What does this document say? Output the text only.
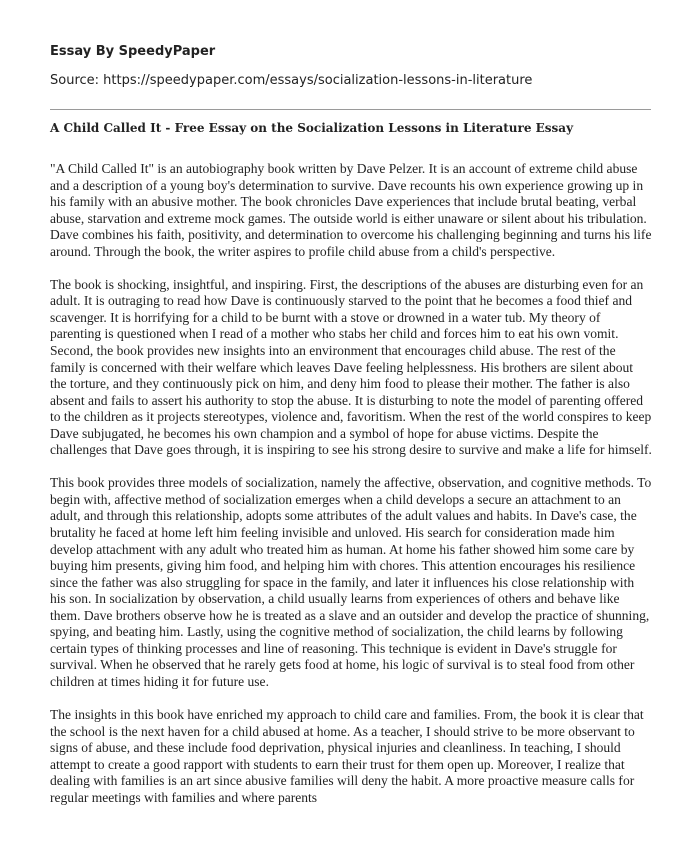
Essay By SpeedyPaper
Source: https://speedypaper.com/essays/socialization-lessons-in-literature
A Child Called It - Free Essay on the Socialization Lessons in Literature Essay

"A Child Called It" is an autobiography book written by Dave Pelzer. It is an account of extreme child abuse and a description of a young boy's determination to survive. Dave recounts his own experience growing up in his family with an abusive mother. The book chronicles Dave experiences that include brutal beating, verbal abuse, starvation and extreme mock games. The outside world is either unaware or silent about his tribulation. Dave combines his faith, positivity, and determination to overcome his challenging beginning and turns his life around. Through the book, the writer aspires to profile child abuse from a child's perspective.

The book is shocking, insightful, and inspiring. First, the descriptions of the abuses are disturbing even for an adult. It is outraging to read how Dave is continuously starved to the point that he becomes a food thief and scavenger. It is horrifying for a child to be burnt with a stove or drowned in a water tub. My theory of parenting is questioned when I read of a mother who stabs her child and forces him to eat his own vomit. Second, the book provides new insights into an environment that encourages child abuse. The rest of the family is concerned with their welfare which leaves Dave feeling helplessness. His brothers are silent about the torture, and they continuously pick on him, and deny him food to please their mother. The father is also absent and fails to assert his authority to stop the abuse. It is disturbing to note the model of parenting offered to the children as it projects stereotypes, violence and, favoritism. When the rest of the world conspires to keep Dave subjugated, he becomes his own champion and a symbol of hope for abuse victims. Despite the challenges that Dave goes through, it is inspiring to see his strong desire to survive and make a life for himself.

This book provides three models of socialization, namely the affective, observation, and cognitive methods. To begin with, affective method of socialization emerges when a child develops a secure an attachment to an adult, and through this relationship, adopts some attributes of the adult values and habits. In Dave's case, the brutality he faced at home left him feeling invisible and unloved. His search for consideration made him develop attachment with any adult who treated him as human. At home his father showed him some care by buying him presents, giving him food, and helping him with chores. This attention encourages his resilience since the father was also struggling for space in the family, and later it influences his close relationship with his son. In socialization by observation, a child usually learns from experiences of others and behave like them. Dave brothers observe how he is treated as a slave and an outsider and develop the practice of shunning, spying, and beating him. Lastly, using the cognitive method of socialization, the child learns by following certain types of thinking processes and line of reasoning. This technique is evident in Dave's struggle for survival. When he observed that he rarely gets food at home, his logic of survival is to steal food from other children at times hiding it for future use.

The insights in this book have enriched my approach to child care and families. From, the book it is clear that the school is the next haven for a child abused at home. As a teacher, I should strive to be more observant to signs of abuse, and these include food deprivation, physical injuries and cleanliness. In teaching, I should attempt to create a good rapport with students to earn their trust for them open up. Moreover, I realize that dealing with families is an art since abusive families will deny the habit. A more proactive measure calls for regular meetings with families and where parents
